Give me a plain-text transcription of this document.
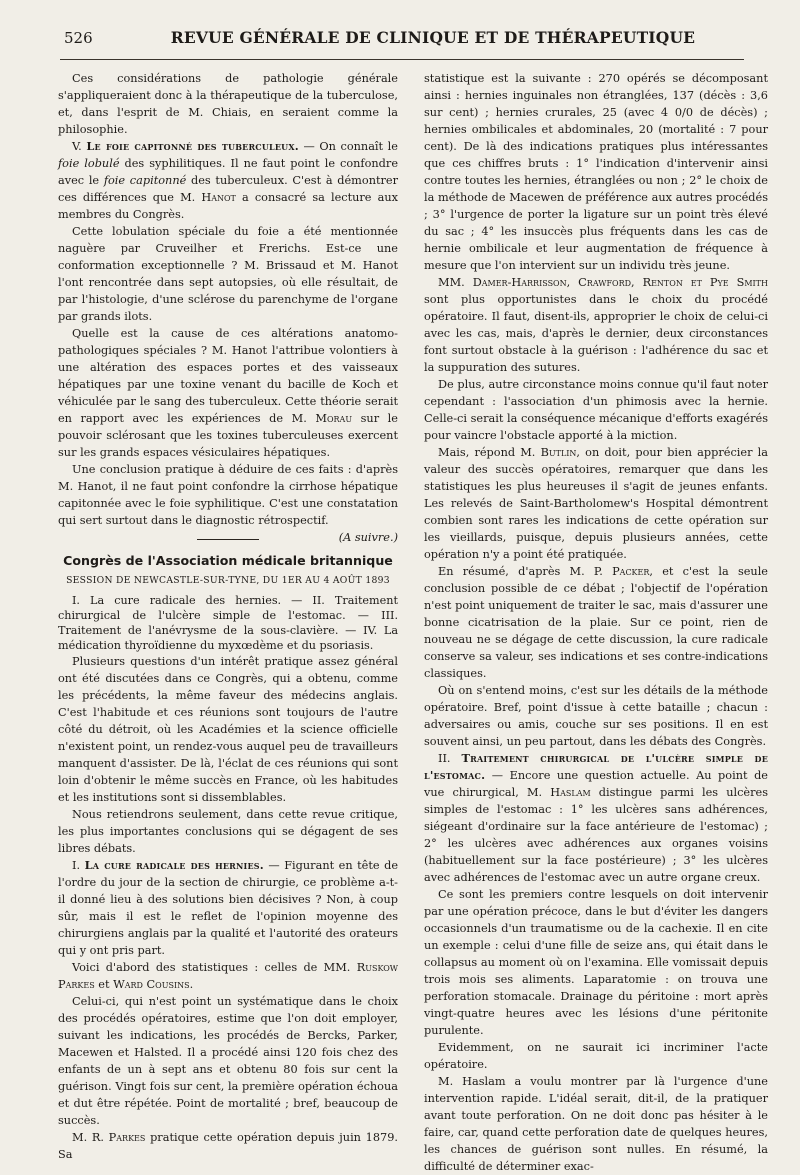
526	REVUE GÉNÉRALE DE CLINIQUE ET DE THÉRAPEUTIQUE

Ces considérations de pathologie générale s'appliqueraient donc à la thérapeutique de la tuberculose, et, dans l'esprit de M. Chiais, en seraient comme la philosophie.

V. Le foie capitonné des tuberculeux. — On connaît le foie lobulé des syphilitiques. Il ne faut point le confondre avec le foie capitonné des tuberculeux. C'est à démontrer ces différences que M. Hanot a consacré sa lecture aux membres du Congrès.

Cette lobulation spéciale du foie a été mentionnée naguère par Cruveilher et Frerichs. Est-ce une conformation exceptionnelle ? M. Brissaud et M. Hanot l'ont rencontrée dans sept autopsies, où elle résultait, de par l'histologie, d'une sclérose du parenchyme de l'organe par grands ilots.

Quelle est la cause de ces altérations anatomo-pathologiques spéciales ? M. Hanot l'attribue volontiers à une altération des espaces portes et des vaisseaux hépatiques par une toxine venant du bacille de Koch et véhiculée par le sang des tuberculeux. Cette théorie serait en rapport avec les expériences de M. Morau sur le pouvoir sclérosant que les toxines tuberculeuses exercent sur les grands espaces vésiculaires hépatiques.

Une conclusion pratique à déduire de ces faits : d'après M. Hanot, il ne faut point confondre la cirrhose hépatique capitonnée avec le foie syphilitique. C'est une constatation qui sert surtout dans le diagnostic rétrospectif.
(A suivre.)

Congrès de l'Association médicale britannique
SESSION DE NEWCASTLE-SUR-TYNE, DU 1ER AU 4 AOÛT 1893

I. La cure radicale des hernies. — II. Traitement chirurgical de l'ulcère simple de l'estomac. — III. Traitement de l'anévrysme de la sous-clavière. — IV. La médication thyroïdienne du myxœdème et du psoriasis.

Plusieurs questions d'un intérêt pratique assez général ont été discutées dans ce Congrès, qui a obtenu, comme les précédents, la même faveur des médecins anglais. C'est l'habitude et ces réunions sont toujours de l'autre côté du détroit, où les Académies et la science officielle n'existent point, un rendez-vous auquel peu de travailleurs manquent d'assister. De là, l'éclat de ces réunions qui sont loin d'obtenir le même succès en France, où les habitudes et les institutions sont si dissemblables.

Nous retiendrons seulement, dans cette revue critique, les plus importantes conclusions qui se dégagent de ses libres débats.

I. La cure radicale des hernies. — Figurant en tête de l'ordre du jour de la section de chirurgie, ce problème a-t-il donné lieu à des solutions bien décisives ? Non, à coup sûr, mais il est le reflet de l'opinion moyenne des chirurgiens anglais par la qualité et l'autorité des orateurs qui y ont pris part.

Voici d'abord des statistiques : celles de MM. Ruskow Parkes et Ward Cousins.

Celui-ci, qui n'est point un systématique dans le choix des procédés opératoires, estime que l'on doit employer, suivant les indications, les procédés de Bercks, Parker, Macewen et Halsted. Il a procédé ainsi 120 fois chez des enfants de un à sept ans et obtenu 80 fois sur cent la guérison. Vingt fois sur cent, la première opération échoua et dut être répétée. Point de mortalité ; bref, beaucoup de succès.

M. R. Parkes pratique cette opération depuis juin 1879. Sa

statistique est la suivante : 270 opérés se décomposant ainsi : hernies inguinales non étranglées, 137 (décès : 3,6 sur cent) ; hernies crurales, 25 (avec 4 0/0 de décès) ; hernies ombilicales et abdominales, 20 (mortalité : 7 pour cent). De là des indications pratiques plus intéressantes que ces chiffres bruts : 1° l'indication d'intervenir ainsi contre toutes les hernies, étranglées ou non ; 2° le choix de la méthode de Macewen de préférence aux autres procédés ; 3° l'urgence de porter la ligature sur un point très élevé du sac ; 4° les insuccès plus fréquents dans les cas de hernie ombilicale et leur augmentation de fréquence à mesure que l'on intervient sur un individu très jeune.

MM. Damer-Harrisson, Crawford, Renton et Pye Smith sont plus opportunistes dans le choix du procédé opératoire. Il faut, disent-ils, approprier le choix de celui-ci avec les cas, mais, d'après le dernier, deux circonstances font surtout obstacle à la guérison : l'adhérence du sac et la suppuration des sutures.

De plus, autre circonstance moins connue qu'il faut noter cependant : l'association d'un phimosis avec la hernie. Celle-ci serait la conséquence mécanique d'efforts exagérés pour vaincre l'obstacle apporté à la miction.

Mais, répond M. Butlin, on doit, pour bien apprécier la valeur des succès opératoires, remarquer que dans les statistiques les plus heureuses il s'agit de jeunes enfants. Les relevés de Saint-Bartholomew's Hospital démontrent combien sont rares les indications de cette opération sur les vieillards, puisque, depuis plusieurs années, cette opération n'y a point été pratiquée.

En résumé, d'après M. P. Packer, et c'est la seule conclusion possible de ce débat ; l'objectif de l'opération n'est point uniquement de traiter le sac, mais d'assurer une bonne cicatrisation de la plaie. Sur ce point, rien de nouveau ne se dégage de cette discussion, la cure radicale conserve sa valeur, ses indications et ses contre-indications classiques.

Où on s'entend moins, c'est sur les détails de la méthode opératoire. Bref, point d'issue à cette bataille ; chacun : adversaires ou amis, couche sur ses positions. Il en est souvent ainsi, un peu partout, dans les débats des Congrès.

II. Traitement chirurgical de l'ulcère simple de l'estomac. — Encore une question actuelle. Au point de vue chirurgical, M. Haslam distingue parmi les ulcères simples de l'estomac : 1° les ulcères sans adhérences, siégeant d'ordinaire sur la face antérieure de l'estomac) ; 2° les ulcères avec adhérences aux organes voisins (habituellement sur la face postérieure) ; 3° les ulcères avec adhérences de l'estomac avec un autre organe creux.

Ce sont les premiers contre lesquels on doit intervenir par une opération précoce, dans le but d'éviter les dangers occasionnels d'un traumatisme ou de la cachexie. Il en cite un exemple : celui d'une fille de seize ans, qui était dans le collapsus au moment où on l'examina. Elle vomissait depuis trois mois ses aliments. Laparatomie : on trouva une perforation stomacale. Drainage du péritoine : mort après vingt-quatre heures avec les lésions d'une péritonite purulente.

Evidemment, on ne saurait ici incriminer l'acte opératoire.

M. Haslam a voulu montrer par là l'urgence d'une intervention rapide. L'idéal serait, dit-il, de la pratiquer avant toute perforation. On ne doit donc pas hésiter à le faire, car, quand cette perforation date de quelques heures, les chances de guérison sont nulles. En résumé, la difficulté de déterminer exac-
